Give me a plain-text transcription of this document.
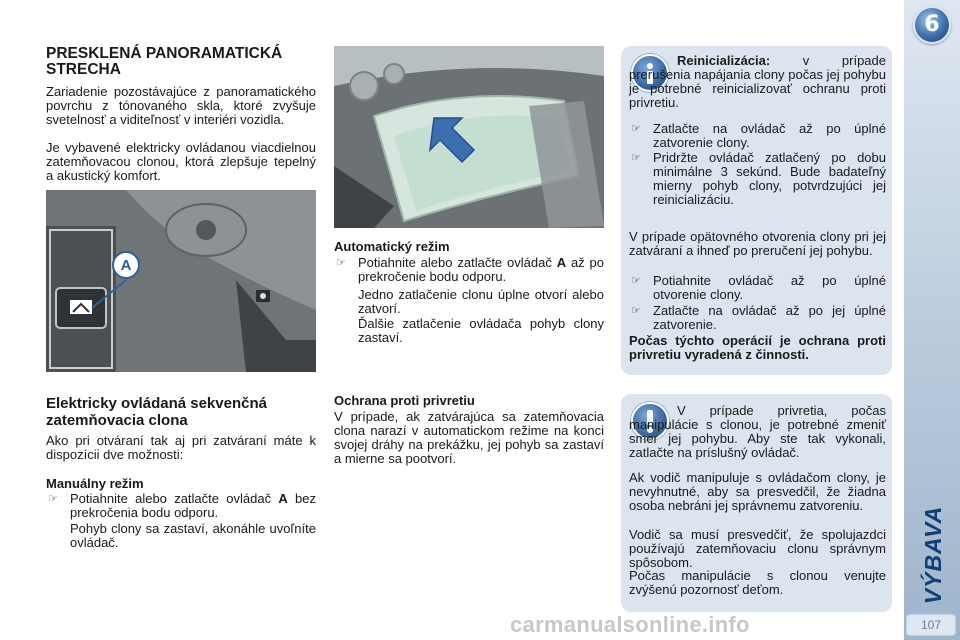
6
VÝBAVA
107
PRESKLENÁ PANORAMATICKÁ
STRECHA
Zariadenie pozostávajúce z panoramatického povrchu z tónovaného skla, ktoré zvyšuje svetelnosť a viditeľnosť v interiéri vozidla.
Je vybavené elektricky ovládanou viacdielnou zatemňovacou clonou, ktorá zlepšuje tepelný a akustický komfort.
A
Elektricky ovládaná sekvenčná
zatemňovacia clona
Ako pri otváraní tak aj pri zatváraní máte k dispozícii dve možnosti:
Manuálny režim
☞ Potiahnite alebo zatlačte ovládač A bez prekročenia bodu odporu.
Pohyb clony sa zastaví, akonáhle uvoľníte ovládač.
Automatický režim
☞ Potiahnite alebo zatlačte ovládač A až po prekročenie bodu odporu.
Jedno zatlačenie clonu úplne otvorí alebo zatvorí.
Ďalšie zatlačenie ovládača pohyb clony zastaví.
Ochrana proti privretiu
V prípade, ak zatvárajúca sa zatemňovacia clona narazí v automatickom režime na konci svojej dráhy na prekážku, jej pohyb sa zastaví a mierne sa pootvorí.
Reinicializácia: v prípade prerušenia napájania clony počas jej pohybu je potrebné reinicializovať ochranu proti privretiu.
☞ Zatlačte na ovládač až po úplné zatvorenie clony.
☞ Pridržte ovládač zatlačený po dobu minimálne 3 sekúnd. Bude badateľný mierny pohyb clony, potvrdzujúci jej reinicializáciu.
V prípade opätovného otvorenia clony pri jej zatváraní a ihneď po preručení jej pohybu.
☞ Potiahnite ovládač až po úplné otvorenie clony.
☞ Zatlačte na ovládač až po jej úplné zatvorenie.
Počas týchto operácií je ochrana proti privretiu vyradená z činnosti.
V prípade privretia, počas manipulácie s clonou, je potrebné zmeniť smer jej pohybu. Aby ste tak vykonali, zatlačte na príslušný ovládač.
Ak vodič manipuluje s ovládačom clony, je nevyhnutné, aby sa presvedčil, že žiadna osoba nebráni jej správnemu zatvoreniu.
Vodič sa musí presvedčiť, že spolujazdci používajú zatemňovaciu clonu správnym spôsobom.
Počas manipulácie s clonou venujte zvýšenú pozornosť deťom.
carmanualsonline.info
